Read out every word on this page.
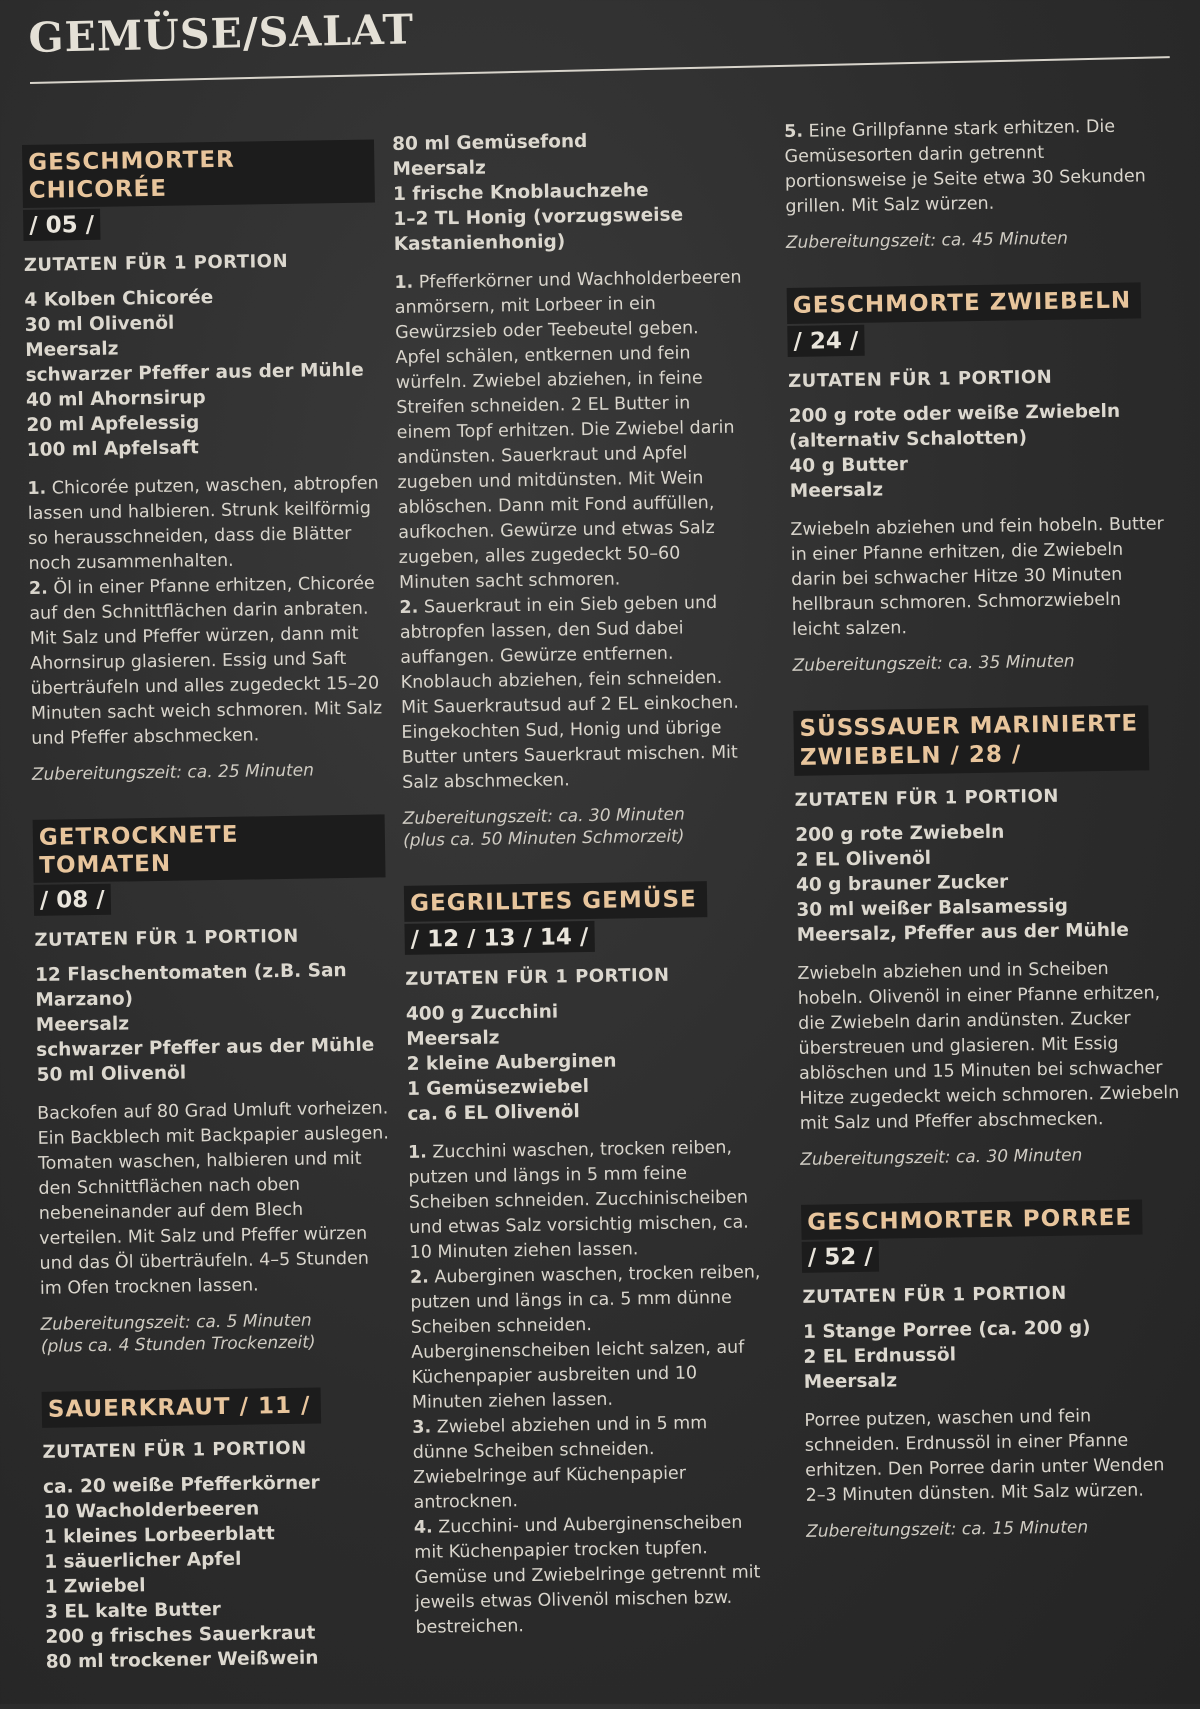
GEMÜSE/SALAT
GESCHMORTER CHICORÉE
/ 05 /
ZUTATEN FÜR 1 PORTION
4 Kolben Chicorée
30 ml Olivenöl
Meersalz
schwarzer Pfeffer aus der Mühle
40 ml Ahornsirup
20 ml Apfelessig
100 ml Apfelsaft

1. Chicorée putzen, waschen, abtropfen lassen und halbieren. Strunk keilförmig so herausschneiden, dass die Blätter noch zusammenhalten.

2. Öl in einer Pfanne erhitzen, Chicorée auf den Schnittflächen darin anbraten. Mit Salz und Pfeffer würzen, dann mit Ahornsirup glasieren. Essig und Saft überträufeln und alles zugedeckt 15–20 Minuten sacht weich schmoren. Mit Salz und Pfeffer abschmecken.

Zubereitungszeit: ca. 25 Minuten
GETROCKNETE TOMATEN
/ 08 /
ZUTATEN FÜR 1 PORTION
12 Flaschentomaten (z.B. San Marzano)
Meersalz
schwarzer Pfeffer aus der Mühle
50 ml Olivenöl

Backofen auf 80 Grad Umluft vorheizen. Ein Backblech mit Backpapier auslegen. Tomaten waschen, halbieren und mit den Schnittflächen nach oben nebeneinander auf dem Blech verteilen. Mit Salz und Pfeffer würzen und das Öl überträufeln. 4–5 Stunden im Ofen trocknen lassen.

Zubereitungszeit: ca. 5 Minuten
(plus ca. 4 Stunden Trockenzeit)
SAUERKRAUT / 11 /
ZUTATEN FÜR 1 PORTION
ca. 20 weiße Pfefferkörner
10 Wacholderbeeren
1 kleines Lorbeerblatt
1 säuerlicher Apfel
1 Zwiebel
3 EL kalte Butter
200 g frisches Sauerkraut
80 ml trockener Weißwein
80 ml Gemüsefond
Meersalz
1 frische Knoblauchzehe
1–2 TL Honig (vorzugsweise Kastanienhonig)

1. Pfefferkörner und Wachholderbeeren anmörsern, mit Lorbeer in ein Gewürzsieb oder Teebeutel geben. Apfel schälen, entkernen und fein würfeln. Zwiebel abziehen, in feine Streifen schneiden. 2 EL Butter in einem Topf erhitzen. Die Zwiebel darin andünsten. Sauerkraut und Apfel zugeben und mitdünsten. Mit Wein ablöschen. Dann mit Fond auffüllen, aufkochen. Gewürze und etwas Salz zugeben, alles zugedeckt 50–60 Minuten sacht schmoren.

2. Sauerkraut in ein Sieb geben und abtropfen lassen, den Sud dabei auffangen. Gewürze entfernen. Knoblauch abziehen, fein schneiden. Mit Sauerkrautsud auf 2 EL einkochen. Eingekochten Sud, Honig und übrige Butter unters Sauerkraut mischen. Mit Salz abschmecken.

Zubereitungszeit: ca. 30 Minuten
(plus ca. 50 Minuten Schmorzeit)
GEGRILLTES GEMÜSE
/ 12 / 13 / 14 /
ZUTATEN FÜR 1 PORTION
400 g Zucchini
Meersalz
2 kleine Auberginen
1 Gemüsezwiebel
ca. 6 EL Olivenöl

1. Zucchini waschen, trocken reiben, putzen und längs in 5 mm feine Scheiben schneiden. Zucchinischeiben und etwas Salz vorsichtig mischen, ca. 10 Minuten ziehen lassen.

2. Auberginen waschen, trocken reiben, putzen und längs in ca. 5 mm dünne Scheiben schneiden. Auberginenscheiben leicht salzen, auf Küchenpapier ausbreiten und 10 Minuten ziehen lassen.

3. Zwiebel abziehen und in 5 mm dünne Scheiben schneiden. Zwiebelringe auf Küchenpapier antrocknen.

4. Zucchini- und Auberginenscheiben mit Küchenpapier trocken tupfen. Gemüse und Zwiebelringe getrennt mit jeweils etwas Olivenöl mischen bzw. bestreichen.

5. Eine Grillpfanne stark erhitzen. Die Gemüsesorten darin getrennt portionsweise je Seite etwa 30 Sekunden grillen. Mit Salz würzen.

Zubereitungszeit: ca. 45 Minuten
GESCHMORTE ZWIEBELN
/ 24 /
ZUTATEN FÜR 1 PORTION
200 g rote oder weiße Zwiebeln (alternativ Schalotten)
40 g Butter
Meersalz

Zwiebeln abziehen und fein hobeln. Butter in einer Pfanne erhitzen, die Zwiebeln darin bei schwacher Hitze 30 Minuten hellbraun schmoren. Schmorzwiebeln leicht salzen.

Zubereitungszeit: ca. 35 Minuten
SÜSSSAUER MARINIERTE
ZWIEBELN / 28 /
ZUTATEN FÜR 1 PORTION
200 g rote Zwiebeln
2 EL Olivenöl
40 g brauner Zucker
30 ml weißer Balsamessig
Meersalz, Pfeffer aus der Mühle

Zwiebeln abziehen und in Scheiben hobeln. Olivenöl in einer Pfanne erhitzen, die Zwiebeln darin andünsten. Zucker überstreuen und glasieren. Mit Essig ablöschen und 15 Minuten bei schwacher Hitze zugedeckt weich schmoren. Zwiebeln mit Salz und Pfeffer abschmecken.

Zubereitungszeit: ca. 30 Minuten
GESCHMORTER PORREE
/ 52 /
ZUTATEN FÜR 1 PORTION
1 Stange Porree (ca. 200 g)
2 EL Erdnussöl
Meersalz

Porree putzen, waschen und fein schneiden. Erdnussöl in einer Pfanne erhitzen. Den Porree darin unter Wenden 2–3 Minuten dünsten. Mit Salz würzen.

Zubereitungszeit: ca. 15 Minuten
